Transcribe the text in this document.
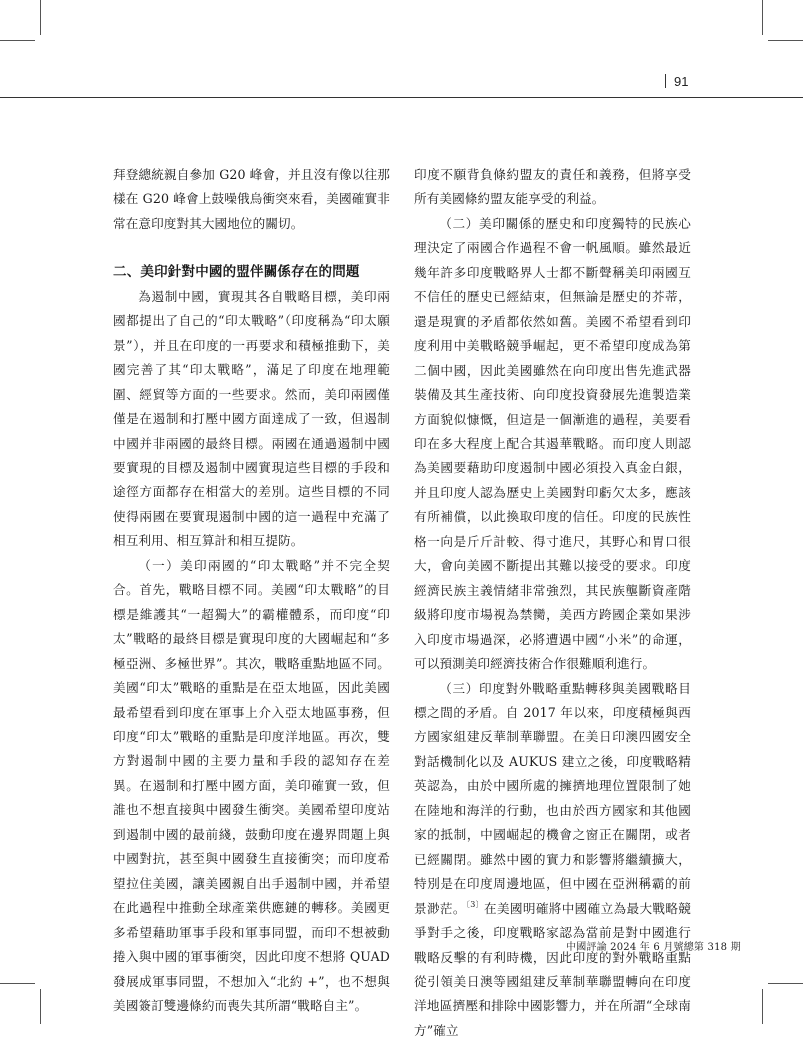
91

拜登總統親自參加 G20 峰會，并且沒有像以往那樣在 G20 峰會上鼓噪俄烏衝突來看，美國確實非常在意印度對其大國地位的關切。

二、美印針對中國的盟伴關係存在的問題

為遏制中國，實現其各自戰略目標，美印兩國都提出了自己的“印太戰略”（印度稱為“印太願景”），并且在印度的一再要求和積極推動下，美國完善了其“印太戰略”，滿足了印度在地理範圍、經貿等方面的一些要求。然而，美印兩國僅僅是在遏制和打壓中國方面達成了一致，但遏制中國并非兩國的最終目標。兩國在通過遏制中國要實現的目標及遏制中國實現這些目標的手段和途徑方面都存在相當大的差別。這些目標的不同使得兩國在要實現遏制中國的這一過程中充滿了相互利用、相互算計和相互提防。

（一）美印兩國的“印太戰略”并不完全契合。首先，戰略目標不同。美國“印太戰略”的目標是維護其“一超獨大”的霸權體系，而印度“印太”戰略的最終目標是實現印度的大國崛起和“多極亞洲、多極世界”。其次，戰略重點地區不同。美國“印太”戰略的重點是在亞太地區，因此美國最希望看到印度在軍事上介入亞太地區事務，但印度“印太”戰略的重點是印度洋地區。再次，雙方對遏制中國的主要力量和手段的認知存在差異。在遏制和打壓中國方面，美印確實一致，但誰也不想直接與中國發生衝突。美國希望印度站到遏制中國的最前綫，鼓動印度在邊界問題上與中國對抗，甚至與中國發生直接衝突；而印度希望拉住美國，讓美國親自出手遏制中國，并希望在此過程中推動全球產業供應鏈的轉移。美國更多希望藉助軍事手段和軍事同盟，而印不想被動捲入與中國的軍事衝突，因此印度不想將 QUAD 發展成軍事同盟，不想加入“北約 +”，也不想與美國簽訂雙邊條約而喪失其所謂“戰略自主”。

印度不願背負條約盟友的責任和義務，但將享受所有美國條約盟友能享受的利益。

（二）美印關係的歷史和印度獨特的民族心理決定了兩國合作過程不會一帆風順。雖然最近幾年許多印度戰略界人士都不斷聲稱美印兩國互不信任的歷史已經結束，但無論是歷史的芥蒂，還是現實的矛盾都依然如舊。美國不希望看到印度利用中美戰略競爭崛起，更不希望印度成為第二個中國，因此美國雖然在向印度出售先進武器裝備及其生產技術、向印度投資發展先進製造業方面貌似慷慨，但這是一個漸進的過程，美要看印在多大程度上配合其遏華戰略。而印度人則認為美國要藉助印度遏制中國必須投入真金白銀，并且印度人認為歷史上美國對印虧欠太多，應該有所補償，以此換取印度的信任。印度的民族性格一向是斤斤計較、得寸進尺，其野心和胃口很大，會向美國不斷提出其難以接受的要求。印度經濟民族主義情緒非常強烈，其民族壟斷資產階級將印度市場視為禁臠，美西方跨國企業如果涉入印度市場過深，必將遭遇中國“小米”的命運，可以預測美印經濟技術合作很難順利進行。

（三）印度對外戰略重點轉移與美國戰略目標之間的矛盾。自 2017 年以來，印度積極與西方國家組建反華制華聯盟。在美日印澳四國安全對話機制化以及 AUKUS 建立之後，印度戰略精英認為，由於中國所處的擁擠地理位置限制了她在陸地和海洋的行動，也由於西方國家和其他國家的抵制，中國崛起的機會之窗正在關閉，或者已經關閉。雖然中國的實力和影響將繼續擴大，特別是在印度周邊地區，但中國在亞洲稱霸的前景渺茫。$^{〔3〕}$在美國明確將中國確立為最大戰略競爭對手之後，印度戰略家認為當前是對中國進行戰略反擊的有利時機，因此印度的對外戰略重點從引領美日澳等國組建反華制華聯盟轉向在印度洋地區擠壓和排除中國影響力，并在所謂“全球南方”確立

中國評論 2024 年 6 月號總第 318 期
